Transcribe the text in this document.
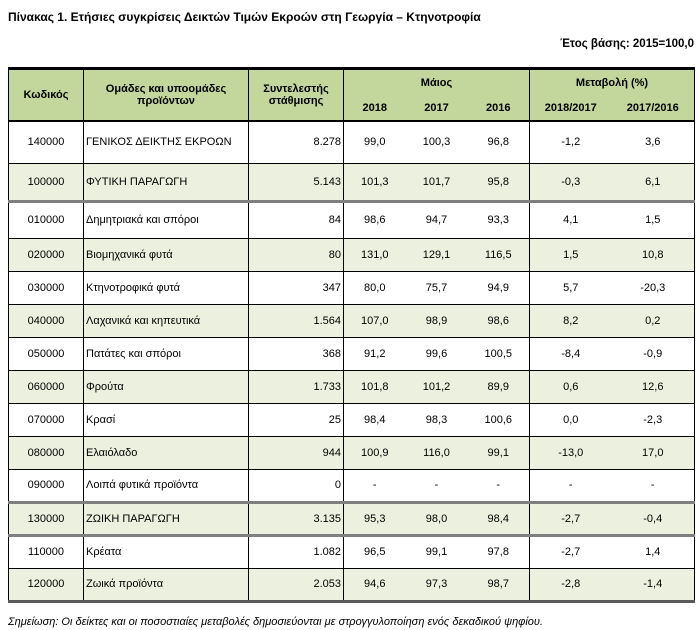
Πίνακας 1. Ετήσιες συγκρίσεις Δεικτών Τιμών Εκροών στη Γεωργία – Κτηνοτροφία
Έτος βάσης: 2015=100,0
Κωδικός	Ομάδες και υποομάδες προϊόντων	Συντελεστής στάθμισης	Μάιος			Μεταβολή (%)	
			2018	2017	2016	2018/2017	2017/2016
140000	ΓΕΝΙΚΟΣ ΔΕΙΚΤΗΣ ΕΚΡΟΩΝ	8.278	99,0	100,3	96,8	-1,2	3,6
100000	ΦΥΤΙΚΗ ΠΑΡΑΓΩΓΗ	5.143	101,3	101,7	95,8	-0,3	6,1
010000	Δημητριακά και σπόροι	84	98,6	94,7	93,3	4,1	1,5
020000	Βιομηχανικά φυτά	80	131,0	129,1	116,5	1,5	10,8
030000	Κτηνοτροφικά φυτά	347	80,0	75,7	94,9	5,7	-20,3
040000	Λαχανικά και κηπευτικά	1.564	107,0	98,9	98,6	8,2	0,2
050000	Πατάτες και σπόροι	368	91,2	99,6	100,5	-8,4	-0,9
060000	Φρούτα	1.733	101,8	101,2	89,9	0,6	12,6
070000	Κρασί	25	98,4	98,3	100,6	0,0	-2,3
080000	Ελαιόλαδο	944	100,9	116,0	99,1	-13,0	17,0
090000	Λοιπά φυτικά προϊόντα	0	-	-	-	-	-
130000	ΖΩΙΚΗ ΠΑΡΑΓΩΓΗ	3.135	95,3	98,0	98,4	-2,7	-0,4
110000	Κρέατα	1.082	96,5	99,1	97,8	-2,7	1,4
120000	Ζωικά προϊόντα	2.053	94,6	97,3	98,7	-2,8	-1,4
Σημείωση: Οι δείκτες και οι ποσοστιαίες μεταβολές δημοσιεύονται με στρογγυλοποίηση ενός δεκαδικού ψηφίου.
